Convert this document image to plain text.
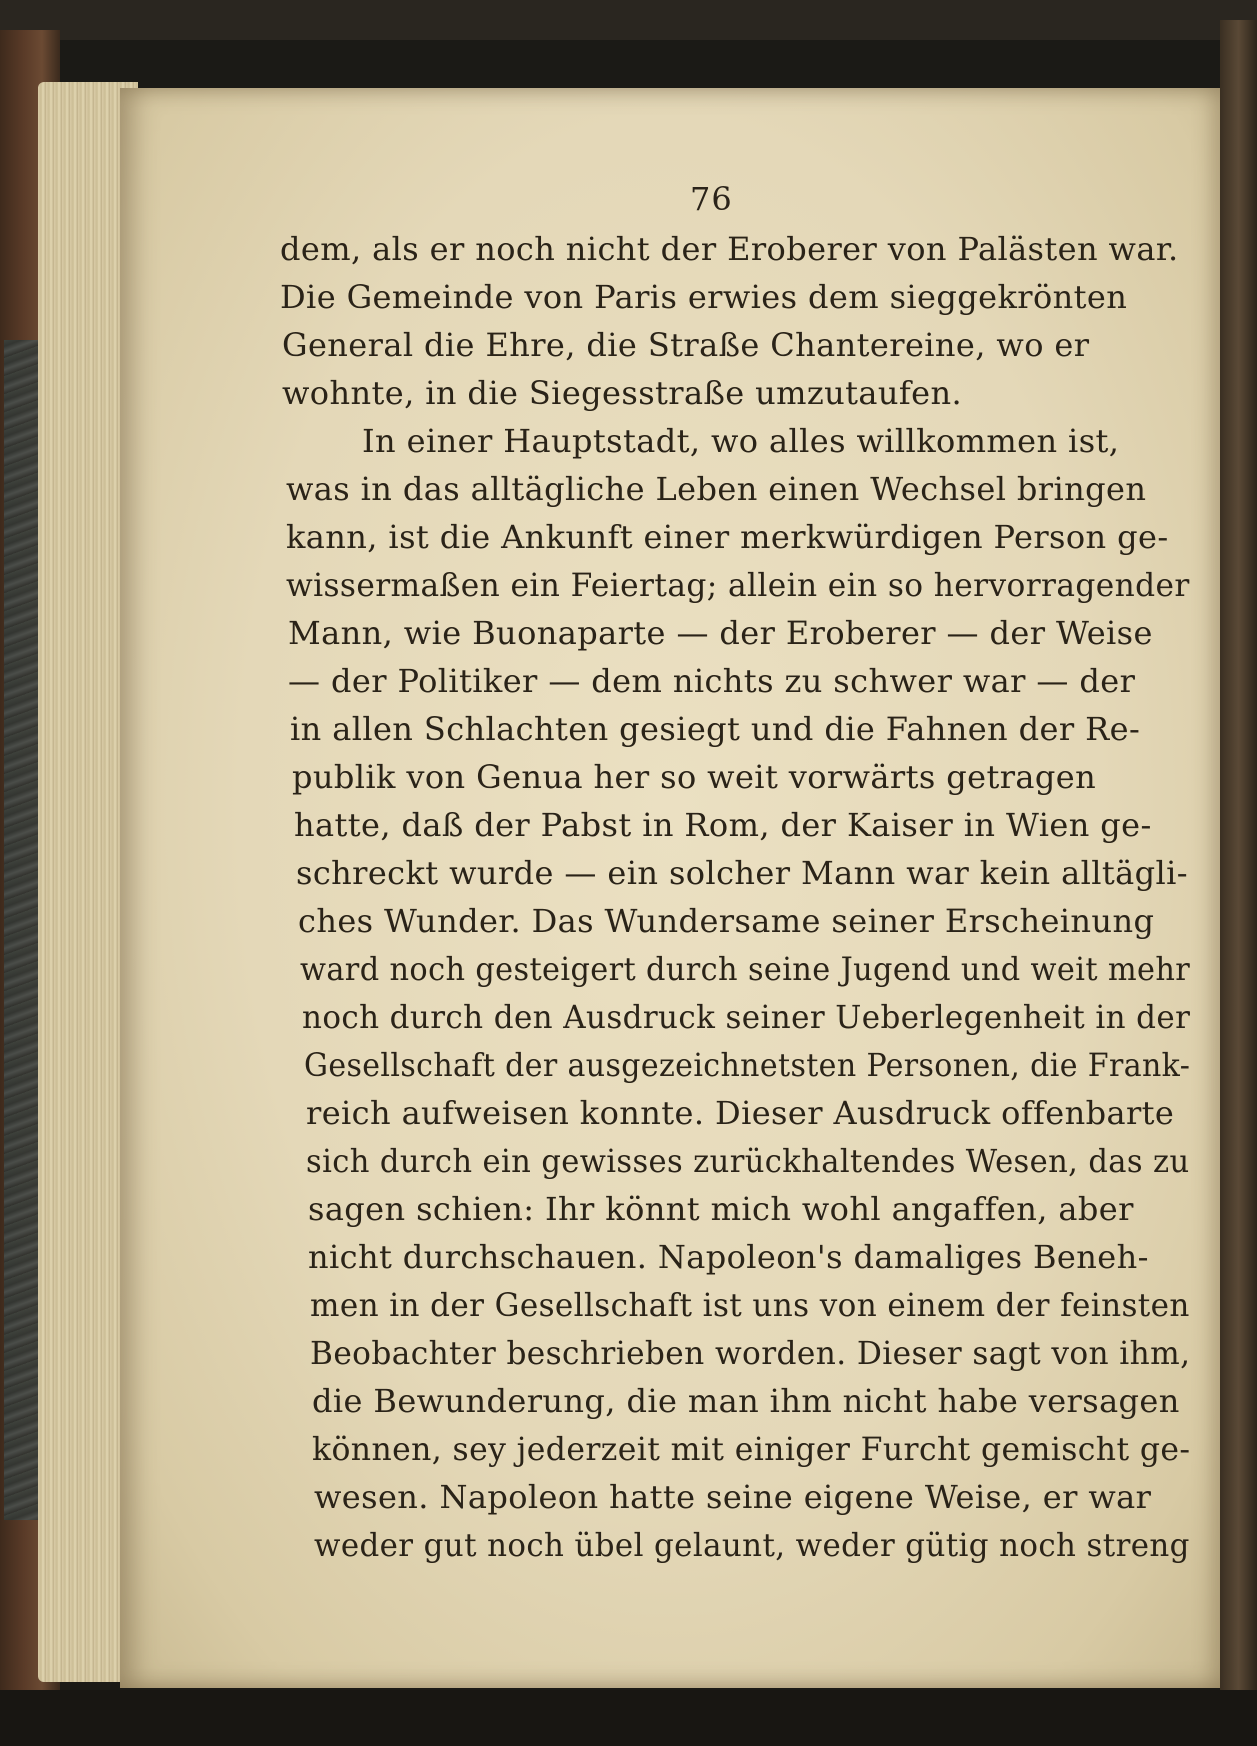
76
dem, als er noch nicht der Eroberer von Palästen war.
Die Gemeinde von Paris erwies dem sieggekrönten
General die Ehre, die Straße Chantereine, wo er
wohnte, in die Siegesstraße umzutaufen.
In einer Hauptstadt, wo alles willkommen ist,
was in das alltägliche Leben einen Wechsel bringen
kann, ist die Ankunft einer merkwürdigen Person ge-
wissermaßen ein Feiertag; allein ein so hervorragender
Mann, wie Buonaparte — der Eroberer — der Weise
— der Politiker — dem nichts zu schwer war — der
in allen Schlachten gesiegt und die Fahnen der Re-
publik von Genua her so weit vorwärts getragen
hatte, daß der Pabst in Rom, der Kaiser in Wien ge-
schreckt wurde — ein solcher Mann war kein alltägli-
ches Wunder. Das Wundersame seiner Erscheinung
ward noch gesteigert durch seine Jugend und weit mehr
noch durch den Ausdruck seiner Ueberlegenheit in der
Gesellschaft der ausgezeichnetsten Personen, die Frank-
reich aufweisen konnte. Dieser Ausdruck offenbarte
sich durch ein gewisses zurückhaltendes Wesen, das zu
sagen schien: Ihr könnt mich wohl angaffen, aber
nicht durchschauen. Napoleon's damaliges Beneh-
men in der Gesellschaft ist uns von einem der feinsten
Beobachter beschrieben worden. Dieser sagt von ihm,
die Bewunderung, die man ihm nicht habe versagen
können, sey jederzeit mit einiger Furcht gemischt ge-
wesen. Napoleon hatte seine eigene Weise, er war
weder gut noch übel gelaunt, weder gütig noch streng
